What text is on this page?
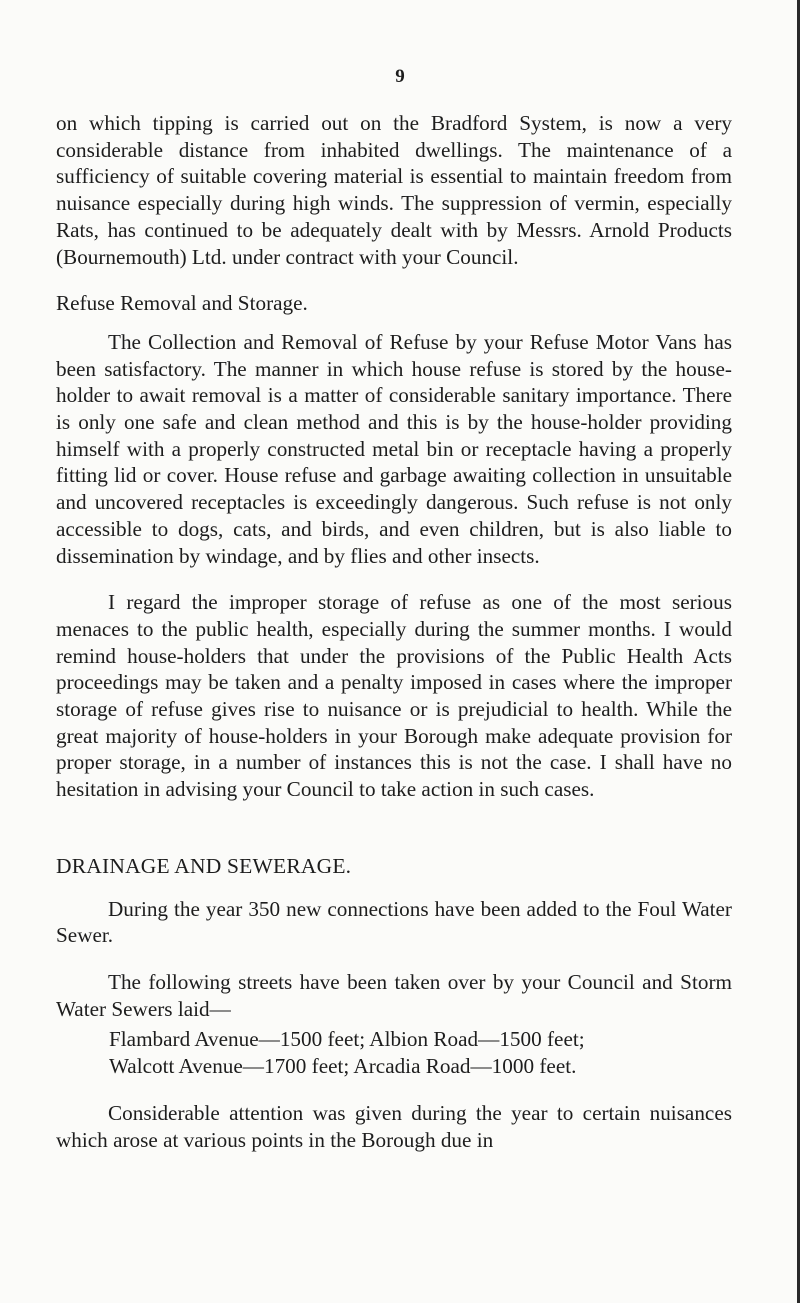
9

on which tipping is carried out on the Bradford System, is now a very considerable distance from inhabited dwellings. The maintenance of a sufficiency of suitable covering material is essential to maintain freedom from nuisance especially during high winds. The suppression of vermin, especially Rats, has continued to be adequately dealt with by Messrs. Arnold Products (Bournemouth) Ltd. under contract with your Council.

Refuse Removal and Storage.

The Collection and Removal of Refuse by your Refuse Motor Vans has been satisfactory. The manner in which house refuse is stored by the house-holder to await removal is a matter of considerable sanitary importance. There is only one safe and clean method and this is by the house-holder providing himself with a properly constructed metal bin or receptacle having a properly fitting lid or cover. House refuse and garbage awaiting collection in unsuitable and uncovered receptacles is exceedingly dangerous. Such refuse is not only accessible to dogs, cats, and birds, and even children, but is also liable to dissemination by windage, and by flies and other insects.

I regard the improper storage of refuse as one of the most serious menaces to the public health, especially during the summer months. I would remind house-holders that under the provisions of the Public Health Acts proceedings may be taken and a penalty imposed in cases where the improper storage of refuse gives rise to nuisance or is prejudicial to health. While the great majority of house-holders in your Borough make adequate provision for proper storage, in a number of instances this is not the case. I shall have no hesitation in advising your Council to take action in such cases.

DRAINAGE AND SEWERAGE.

During the year 350 new connections have been added to the Foul Water Sewer.

The following streets have been taken over by your Council and Storm Water Sewers laid—

Flambard Avenue—1500 feet; Albion Road—1500 feet;

Walcott Avenue—1700 feet; Arcadia Road—1000 feet.

Considerable attention was given during the year to certain nuisances which arose at various points in the Borough due in
